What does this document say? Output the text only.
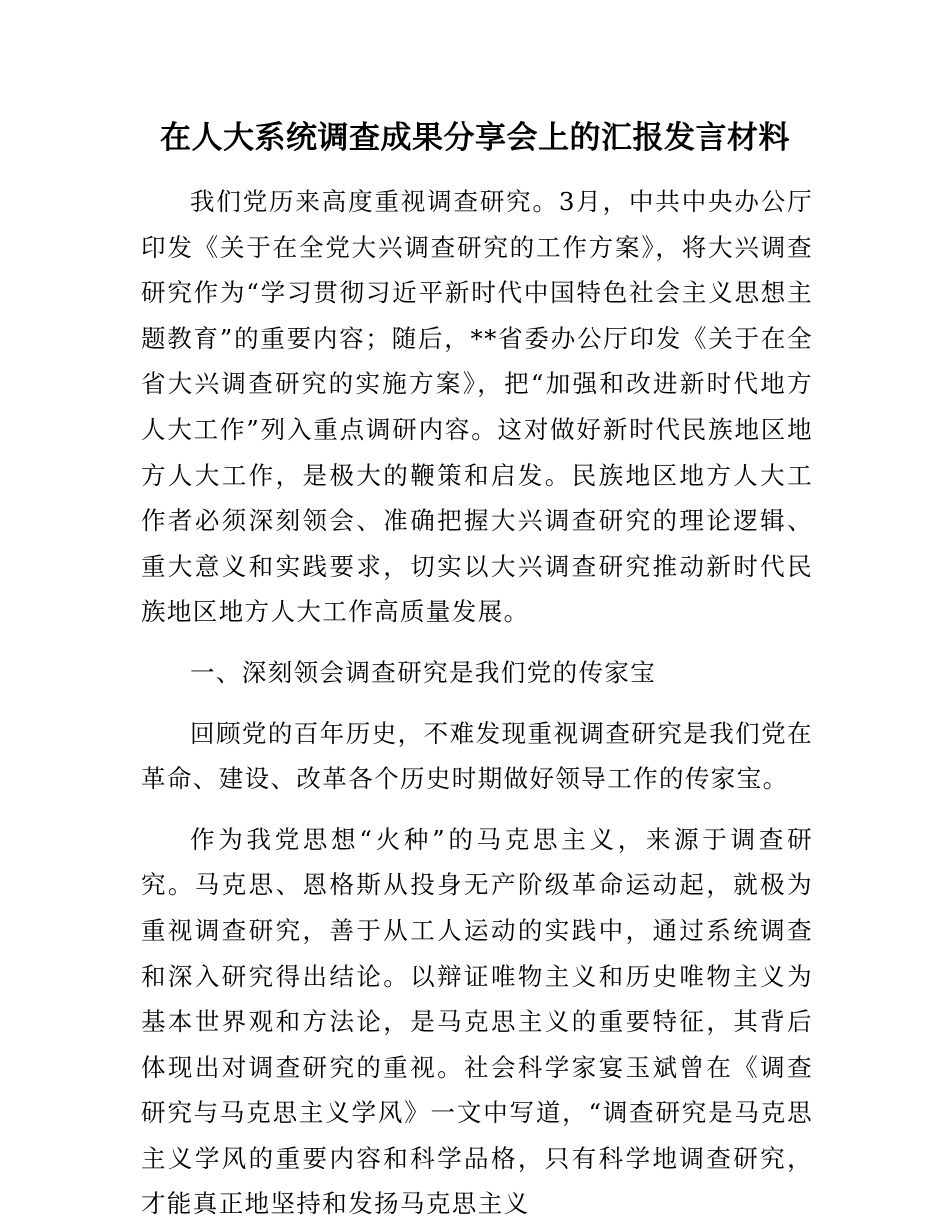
在人大系统调查成果分享会上的汇报发言材料

我们党历来高度重视调查研究。3月，中共中央办公厅印发《关于在全党大兴调查研究的工作方案》，将大兴调查研究作为“学习贯彻习近平新时代中国特色社会主义思想主题教育”的重要内容；随后，**省委办公厅印发《关于在全省大兴调查研究的实施方案》，把“加强和改进新时代地方人大工作”列入重点调研内容。这对做好新时代民族地区地方人大工作，是极大的鞭策和启发。民族地区地方人大工作者必须深刻领会、准确把握大兴调查研究的理论逻辑、重大意义和实践要求，切实以大兴调查研究推动新时代民族地区地方人大工作高质量发展。

一、深刻领会调查研究是我们党的传家宝

回顾党的百年历史，不难发现重视调查研究是我们党在革命、建设、改革各个历史时期做好领导工作的传家宝。

作为我党思想“火种”的马克思主义，来源于调查研究。马克思、恩格斯从投身无产阶级革命运动起，就极为重视调查研究，善于从工人运动的实践中，通过系统调查和深入研究得出结论。以辩证唯物主义和历史唯物主义为基本世界观和方法论，是马克思主义的重要特征，其背后体现出对调查研究的重视。社会科学家宴玉斌曾在《调查研究与马克思主义学风》一文中写道，“调查研究是马克思主义学风的重要内容和科学品格，只有科学地调查研究，才能真正地坚持和发扬马克思主义
